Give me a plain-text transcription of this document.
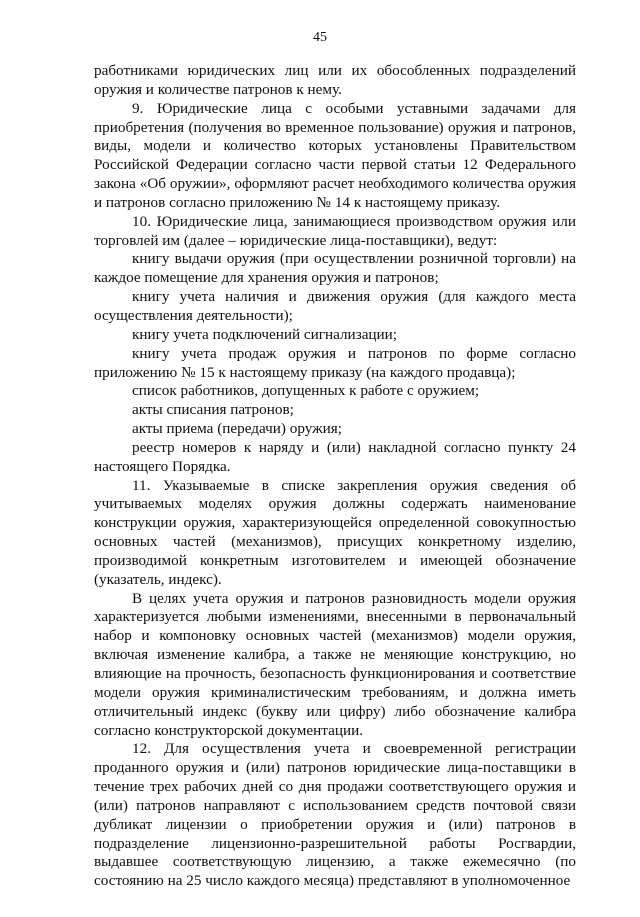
45

работниками юридических лиц или их обособленных подразделений оружия и количестве патронов к нему.

9. Юридические лица с особыми уставными задачами для приобретения (получения во временное пользование) оружия и патронов, виды, модели и количество которых установлены Правительством Российской Федерации согласно части первой статьи 12 Федерального закона «Об оружии», оформляют расчет необходимого количества оружия и патронов согласно приложению № 14 к настоящему приказу.

10. Юридические лица, занимающиеся производством оружия или торговлей им (далее – юридические лица-поставщики), ведут:

книгу выдачи оружия (при осуществлении розничной торговли) на каждое помещение для хранения оружия и патронов;

книгу учета наличия и движения оружия (для каждого места осуществления деятельности);

книгу учета подключений сигнализации;

книгу учета продаж оружия и патронов по форме согласно приложению № 15 к настоящему приказу (на каждого продавца);

список работников, допущенных к работе с оружием;

акты списания патронов;

акты приема (передачи) оружия;

реестр номеров к наряду и (или) накладной согласно пункту 24 настоящего Порядка.

11. Указываемые в списке закрепления оружия сведения об учитываемых моделях оружия должны содержать наименование конструкции оружия, характеризующейся определенной совокупностью основных частей (механизмов), присущих конкретному изделию, производимой конкретным изготовителем и имеющей обозначение (указатель, индекс).

В целях учета оружия и патронов разновидность модели оружия характеризуется любыми изменениями, внесенными в первоначальный набор и компоновку основных частей (механизмов) модели оружия, включая изменение калибра, а также не меняющие конструкцию, но влияющие на прочность, безопасность функционирования и соответствие модели оружия криминалистическим требованиям, и должна иметь отличительный индекс (букву или цифру) либо обозначение калибра согласно конструкторской документации.

12. Для осуществления учета и своевременной регистрации проданного оружия и (или) патронов юридические лица-поставщики в течение трех рабочих дней со дня продажи соответствующего оружия и (или) патронов направляют с использованием средств почтовой связи дубликат лицензии о приобретении оружия и (или) патронов в подразделение лицензионно-разрешительной работы Росгвардии, выдавшее соответствующую лицензию, а также ежемесячно (по состоянию на 25 число каждого месяца) представляют в уполномоченное
